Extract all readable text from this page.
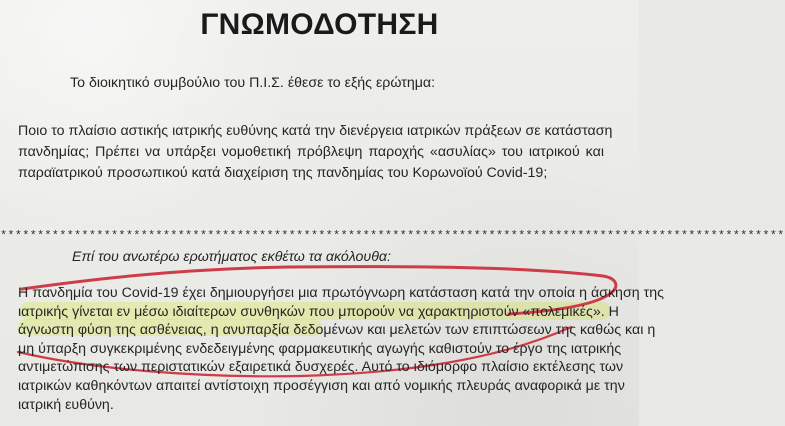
ΓΝΩΜΟΔΟΤΗΣΗ
Το διοικητικό συμβούλιο του Π.Ι.Σ. έθεσε το εξής ερώτημα:
Ποιο το πλαίσιο αστικής ιατρικής ευθύνης κατά την διενέργεια ιατρικών πράξεων σε κατάσταση
πανδημίας; Πρέπει να υπάρξει νομοθετική πρόβλεψη παροχής «ασυλίας» του ιατρικού και
παραϊατρικού προσωπικού κατά διαχείριση της πανδημίας του Κορωνοϊού Covid-19;
**********************************************************************************************************
Επί του ανωτέρω ερωτήματος εκθέτω τα ακόλουθα:
Η πανδημία του Covid-19 έχει δημιουργήσει μια πρωτόγνωρη κατάσταση κατά την οποία η άσκηση της
ιατρικής γίνεται εν μέσω ιδιαίτερων συνθηκών που μπορούν να χαρακτηριστούν «πολεμικές». Η
άγνωστη φύση της ασθένειας, η ανυπαρξία δεδομένων και μελετών των επιπτώσεων της καθώς και η
μη ύπαρξη συγκεκριμένης ενδεδειγμένης φαρμακευτικής αγωγής καθιστούν το έργο της ιατρικής
αντιμετώπισης των περιστατικών εξαιρετικά δυσχερές. Αυτό το ιδιόμορφο πλαίσιο εκτέλεσης των
ιατρικών καθηκόντων απαιτεί αντίστοιχη προσέγγιση και από νομικής πλευράς αναφορικά με την
ιατρική ευθύνη.
